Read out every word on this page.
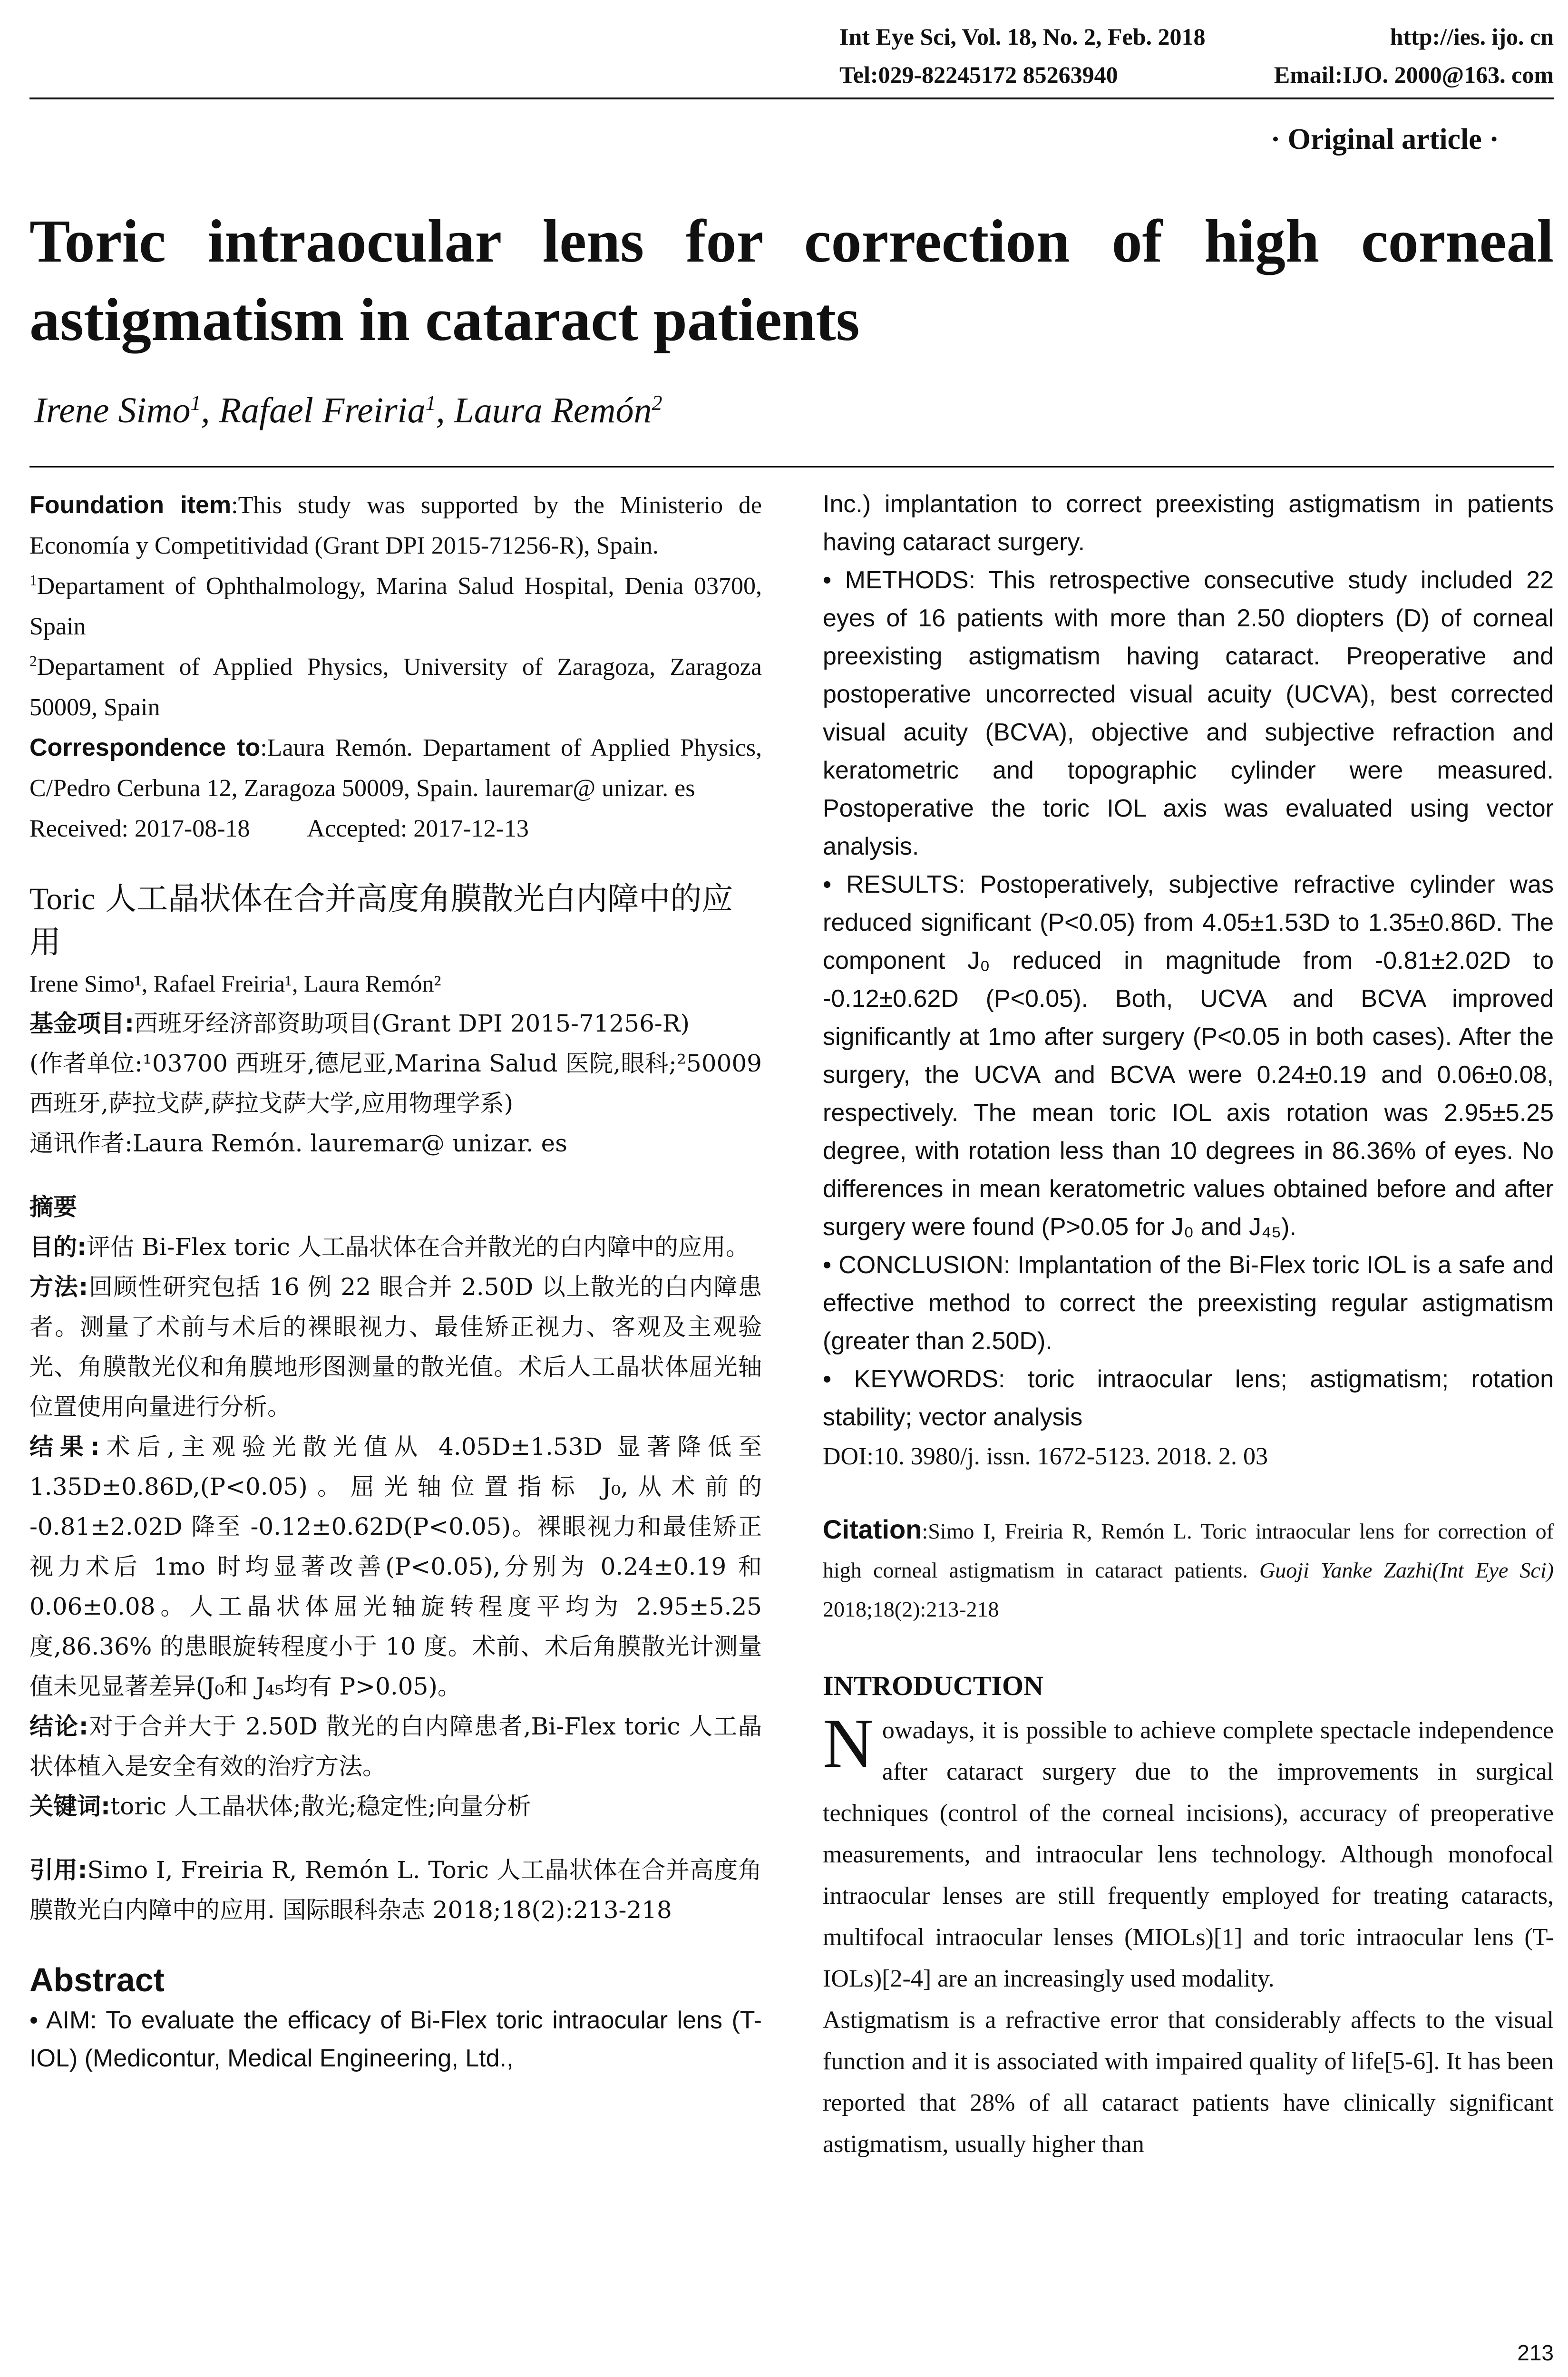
Int Eye Sci, Vol. 18, No. 2, Feb. 2018	http://ies. ijo. cn
Tel:029-82245172 85263940	Email:IJO. 2000@163. com
· Original article ·
Toric intraocular lens for correction of high corneal astigmatism in cataract patients
Irene Simo$^1$, Rafael Freiria$^1$, Laura Remón$^2$

Foundation item:This study was supported by the Ministerio de Economía y Competitividad (Grant DPI 2015-71256-R), Spain.

$^1$Departament of Ophthalmology, Marina Salud Hospital, Denia 03700, Spain

$^2$Departament of Applied Physics, University of Zaragoza, Zaragoza 50009, Spain

Correspondence to:Laura Remón. Departament of Applied Physics, C/Pedro Cerbuna 12, Zaragoza 50009, Spain. lauremar@ unizar. es

Received: 2017-08-18 Accepted: 2017-12-13

Toric 人工晶状体在合并高度角膜散光白内障中的应用

Irene Simo¹, Rafael Freiria¹, Laura Remón²

基金项目:西班牙经济部资助项目(Grant DPI 2015-71256-R)

(作者单位:¹03700 西班牙,德尼亚,Marina Salud 医院,眼科;²50009 西班牙,萨拉戈萨,萨拉戈萨大学,应用物理学系)

通讯作者:Laura Remón. lauremar@ unizar. es

摘要

目的:评估 Bi-Flex toric 人工晶状体在合并散光的白内障中的应用。

方法:回顾性研究包括 16 例 22 眼合并 2.50D 以上散光的白内障患者。测量了术前与术后的裸眼视力、最佳矫正视力、客观及主观验光、角膜散光仪和角膜地形图测量的散光值。术后人工晶状体屈光轴位置使用向量进行分析。

结果:术后,主观验光散光值从 4.05D±1.53D 显著降低至 1.35D±0.86D,(P<0.05)。屈光轴位置指标 J₀,从术前的 -0.81±2.02D 降至 -0.12±0.62D(P<0.05)。裸眼视力和最佳矫正视力术后 1mo 时均显著改善(P<0.05),分别为 0.24±0.19 和 0.06±0.08。人工晶状体屈光轴旋转程度平均为 2.95±5.25 度,86.36% 的患眼旋转程度小于 10 度。术前、术后角膜散光计测量值未见显著差异(J₀和 J₄₅均有 P>0.05)。

结论:对于合并大于 2.50D 散光的白内障患者,Bi-Flex toric 人工晶状体植入是安全有效的治疗方法。

关键词:toric 人工晶状体;散光;稳定性;向量分析

引用:Simo I, Freiria R, Remón L. Toric 人工晶状体在合并高度角膜散光白内障中的应用. 国际眼科杂志 2018;18(2):213-218

Abstract

• AIM: To evaluate the efficacy of Bi-Flex toric intraocular lens (T-IOL) (Medicontur, Medical Engineering, Ltd.,

Inc.) implantation to correct preexisting astigmatism in patients having cataract surgery.

• METHODS: This retrospective consecutive study included 22 eyes of 16 patients with more than 2.50 diopters (D) of corneal preexisting astigmatism having cataract. Preoperative and postoperative uncorrected visual acuity (UCVA), best corrected visual acuity (BCVA), objective and subjective refraction and keratometric and topographic cylinder were measured. Postoperative the toric IOL axis was evaluated using vector analysis.

• RESULTS: Postoperatively, subjective refractive cylinder was reduced significant (P<0.05) from 4.05±1.53D to 1.35±0.86D. The component J₀ reduced in magnitude from -0.81±2.02D to -0.12±0.62D (P<0.05). Both, UCVA and BCVA improved significantly at 1mo after surgery (P<0.05 in both cases). After the surgery, the UCVA and BCVA were 0.24±0.19 and 0.06±0.08, respectively. The mean toric IOL axis rotation was 2.95±5.25 degree, with rotation less than 10 degrees in 86.36% of eyes. No differences in mean keratometric values obtained before and after surgery were found (P>0.05 for J₀ and J₄₅).

• CONCLUSION: Implantation of the Bi-Flex toric IOL is a safe and effective method to correct the preexisting regular astigmatism (greater than 2.50D).

• KEYWORDS: toric intraocular lens; astigmatism; rotation stability; vector analysis

DOI:10. 3980/j. issn. 1672-5123. 2018. 2. 03

Citation:Simo I, Freiria R, Remón L. Toric intraocular lens for correction of high corneal astigmatism in cataract patients. Guoji Yanke Zazhi(Int Eye Sci) 2018;18(2):213-218

INTRODUCTION

Nowadays, it is possible to achieve complete spectacle independence after cataract surgery due to the improvements in surgical techniques (control of the corneal incisions), accuracy of preoperative measurements, and intraocular lens technology. Although monofocal intraocular lenses are still frequently employed for treating cataracts, multifocal intraocular lenses (MIOLs)[1] and toric intraocular lens (T-IOLs)[2-4] are an increasingly used modality.

Astigmatism is a refractive error that considerably affects to the visual function and it is associated with impaired quality of life[5-6]. It has been reported that 28% of all cataract patients have clinically significant astigmatism, usually higher than

213
